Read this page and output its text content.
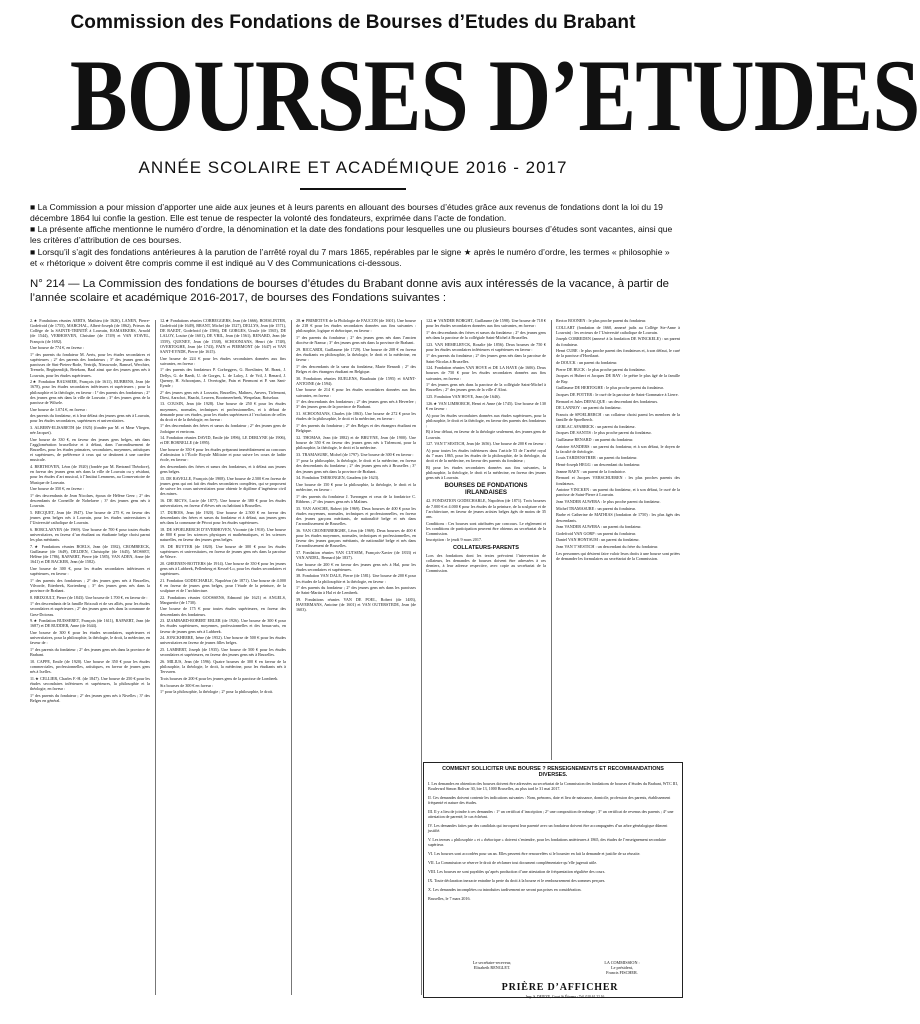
Commission des Fondations de Bourses d’Etudes du Brabant
BOURSES D’ETUDES
ANNÉE SCOLAIRE ET ACADÉMIQUE 2016 - 2017
■ La Commission a pour mission d’apporter une aide aux jeunes et à leurs parents en allouant des bourses d’études grâce aux revenus de fondations dont la loi du 19 décembre 1864 lui confie la gestion. Elle est tenue de respecter la volonté des fondateurs, exprimée dans l’acte de fondation.
■ La présente affiche mentionne le numéro d’ordre, la dénomination et la date des fondations pour lesquelles une ou plusieurs bourses d’études sont vacantes, ainsi que les critères d’attribution de ces bourses.
■ Lorsqu’il s’agit des fondations antérieures à la parution de l’arrêté royal du 7 mars 1865, repérables par le signe ★ après le numéro d’ordre, les termes « philosophie » et « rhétorique » doivent être compris comme il est indiqué au V des Communications ci-dessous.
N° 214 — La Commission des fondations de bourses d’études du Brabant donne avis aux intéressés de la vacance, à partir de l’année scolaire et académique 2016-2017, de bourses des Fondations suivantes :

2.★ Fondations réunies AERTS, Mathieu (de 1626), LANEN, Pierre-Godefroid (de 1755), MARCHAL, Albert-Joseph (de 1862), Prieurs du Collège de la SAINTE-TRINITÉ à Louvain, RAMAEKERS, Arnold (de 1544), VERHOEVEN, Christine (de 1749) et VAN STAVEL, François (de 1692).

Une bourse de 774 €, en faveur :

1° des parents du fondateur M. Aerts, pour les études secondaires et supérieures ; 2° des parents des fondateurs ; 3° des jeunes gens des paroisses de Sint-Pieters-Rode, Vertrijk, Nieuwrode, Ramsel, Werchter, Tremelo, Begijnendijk, Betekom, Baal ainsi que des jeunes gens nés à Louvain, pour les études supérieures.

2★ Fondation BAUSSIER, François (de 1611), RUBBENS, Jean (de 1678), pour les études secondaires inférieures et supérieures ; pour la philosophie et la théologie, en faveur : 1° des parents des fondateurs ; 2° des jeunes gens nés dans la ville de Louvain ; 3° des jeunes gens de la paroisse de Wilsele.

Une bourse de 1.074 €, en faveur :

des parents du fondateur, et à leur défaut des jeunes gens nés à Louvain, pour les études secondaires, supérieures et universitaires.

3. ALBERY-ELISABETH (de 1925) (fondée par M. et Mme Vliegen, née Jacquet).

Une bourse de 330 €, en faveur des jeunes gens belges, nés dans l’agglomération bruxelloise et à défaut, dans l’arrondissement de Bruxelles, pour les études primaires, secondaires, moyennes, artistiques et supérieures, de préférence à ceux qui se destinent à une carrière musicale.

4. BERTHOVEN, Léon (de 1920) (fondée par M. Bertrand Théodore), en faveur des jeunes gens nés dans la ville de Louvain ou y résidant, pour les études d’art musical, à l’Institut Lemmens, au Conservatoire de Musique de Louvain.

Une bourse de 350 €, en faveur :

1° des descendants de Jean Nicolaes, époux de Hélène Geez ; 2° des descendants de Corneille de Nobelaere ; 3° des jeunes gens nés à Louvain.

5. BECQUET, Jean (de 1947). Une bourse de 275 €, en faveur des jeunes gens belges nés à Louvain, pour les études universitaires à l’Université catholique de Louvain.

6. BORCLAEYEN (de 1969). Une bourse de 700 € pour toutes études universitaires, en faveur d’un étudiant ou étudiante belge choisi parmi les plus méritants.

7.★ Fondations réunies BOELS, Jean (de 1582), CROMBEECK, Guillaume (de 1649), DELDEN, Christophe (de 1645), MOSSET, Hélène (de 1786), RAPAERT, Pierre (de 1585), VAN ADEN, Anne (de 1641) et DE BACKER, Jean (de 1582).

Une bourse de 300 €, pour les études secondaires inférieures et supérieures, en faveur :

1° des parents des fondateurs ; 2° des jeunes gens nés à Bruxelles, Vilvorde, Etterbeek, Kortenberg ; 3° des jeunes gens nés dans la province de Brabant.

8. BRIXOULT, Pierre (de 1843). Une bourse de 1.700 €, en faveur de :

1° des descendants de la famille Brixoult et de ses alliés, pour les études secondaires et supérieures ; 2° des jeunes gens nés dans la commune de Grez-Doiceau.

9.★ Fondation BUISSERET, François (de 1611), RAPAERT, Jean (de 1687) et DE RUDDER, Anne (de 1644).

Une bourse de 300 € pour les études secondaires, supérieures et universitaires, pour la philosophie, la théologie, le droit, la médecine, en faveur de :

1° des parents du fondateur ; 2° des jeunes gens nés dans la province de Brabant.

10. CAPPE, Emile (de 1920). Une bourse de 350 € pour les études commerciales, professionnelles, artistiques, en faveur de jeunes gens nés à Ixelles.

11.★ CELLIER, Charles F.-H. (de 1847). Une bourse de 250 € pour les études secondaires inférieures et supérieures, la philosophie et la théologie, en faveur :

1° des parents du fondateur ; 2° des jeunes gens nés à Nivelles ; 3° des Belges en général.

12.★ Fondations réunies CORBEGGERS, Jean (de 1666), BOESLINTER, Godefroid (de 1649), BRANT, Michel (de 1527), DELLYS, Jean (de 1571), DE RAEDT, Godefroid (de 1586), DE GORGES, Ursule (de 1565), DE LALOY, Louise (de 1601), DE VRIL, Jean (de 1561), RENARD, Jean (de 1559), QUENEY, Jean (de 1538), SCHOONJANS, Henri (de 1748), OVERTOGHE, Jean (de 1743), PAIN et PIERMONT (de 1647) et VAN SANT-EYNDE, Pierre (de 1615).

Une bourse de 224 € pour les études secondaires données aux fins suivantes, en faveur :

1° des parents des fondateurs P. Corbeggers, G. Boeslinter, M. Brant, J. Dellys, G. de Raedt, U. de Gorges, L. de Laloy, J. de Vril, J. Renard, J. Queney, H. Schoonjans, J. Overtoghe, Pain et Piermont et P. van Sant-Eynde ;

2° des jeunes gens nés à Louvain, Bruxelles, Malines, Anvers, Tirlemont, Diest, Aarschot, Haacht, Leuven, Boortmeerbeek, Wespelaar, Rotselaar.

13. COUSIN, Jean (de 1928). Une bourse de 250 € pour les études moyennes, normales, techniques et professionnelles, et à défaut de demande pour ces études, pour les études supérieures à l’exclusion de celles du droit et de la théologie, en faveur :

1° des descendants des frères et sœurs du fondateur ; 2° des jeunes gens de Jodoigne et environs.

14. Fondation réunies DAVID, Emile (de 1896), LE DERLYNE (de 1906), et DE BORNELLE (de 1895).

Une bourse de 350 € pour les études préparant immédiatement au concours d’admission à l’École Royale Militaire et pour suivre les cours de ladite école, en faveur :

des descendants des frères et sœurs des fondateurs, et à défaut aux jeunes gens belges.

15. DE RAVELLE, François (de 1908). Une bourse de 2.500 € en faveur de jeunes gens qui ont fait des études secondaires complètes, qui se proposent de suivre les cours universitaires pour obtenir le diplôme d’ingénieur civil des mines.

16. DE RICYS, Lucie (de 1877). Une bourse de 380 € pour les études universitaires, en faveur d’élèves nés ou habitant à Bruxelles.

17. DUBOIS, Jean (de 1920). Une bourse de 2.500 € en faveur des descendants des frères et sœurs du fondateur et à défaut, aux jeunes gens nés dans la commune de Pécrot pour les études supérieures.

18. DE SPOELBERCH D’EVERHOVEN, Vicomte (de 1910). Une bourse de 800 € pour les sciences physiques et mathématiques, et les sciences naturelles, en faveur des jeunes gens belges.

19. DE RUYTER (de 1820). Une bourse de 300 € pour les études supérieures et universitaires, en faveur de jeunes gens nés dans la paroisse de Wavre.

20. GHEENEN-BOTTERS (de 1914). Une bourse de 350 € pour les jeunes gens nés à Lubbeek, Pellenberg et Kessel-Lo, pour les études secondaires et supérieures.

21. Fondation GODECHARLE, Napoléon (de 1871). Une bourse de 4.000 € en faveur de jeunes gens belges, pour l’étude de la peinture, de la sculpture et de l’architecture.

22. Fondations réunies GOOSSENS, Edmond (de 1621) et ANGELS, Marguerite (de 1730).

Une bourse de 175 € pour toutes études supérieures, en faveur des descendants des fondateurs.

23. IZAMBARD-ROBERT ERLER (de 1926). Une bourse de 300 € pour les études supérieures, moyennes, professionnelles et des beaux-arts, en faveur de jeunes gens nés à Lubbeek.

24. JONCKHEERE, Irène (de 1952). Une bourse de 500 € pour les études universitaires en faveur de jeunes filles belges.

25. LAMBERT, Joseph (de 1935). Une bourse de 500 € pour les études secondaires et supérieures, en faveur des jeunes gens nés à Bruxelles.

26. MILIUS, Jean (de 1596). Quatre bourses de 300 € en faveur de la philosophie, la théologie, le droit, la médecine, pour les étudiants nés à Tervuren.

Trois bourses de 200 € pour les jeunes gens de la paroisse de Lombeek.

Six bourses de 300 € en faveur :

1° pour la philosophie, la théologie ; 2° pour la philosophie, le droit.

28.★ PRIMETIVE de la Philologie de FAUCON (de 1601). Une bourse de 218 € pour les études secondaires données aux fins suivantes : philosophie, logique et rhétorique, en faveur :

1° des parents du fondateur ; 2° des jeunes gens nés dans l’ancien diocèse de Namur ; 3° des jeunes gens nés dans la province de Brabant.

29. RICCARDI, Guillaume (de 1729). Une bourse de 208 € en faveur des étudiants en philosophie, la théologie, le droit et la médecine, en faveur :

1° des descendants de la sœur du fondateur, Marie Renardi ; 2° des Belges et des étrangers étudiant en Belgique.

30. Fondations réunies RUELENS, Baudouin (de 1595) et SAINT-ANTOINE (de 1594).

Une bourse de 214 € pour les études secondaires données aux fins suivantes, en faveur :

1° des descendants des fondateurs ; 2° des jeunes gens nés à Heverlee ; 3° des jeunes gens de la province de Brabant.

31. SCHOONJANS, Charles (de 1863). Une bourse de 272 € pour les études de la philosophie, le droit et la médecine, en faveur :

1° des parents du fondateur ; 2° des Belges et des étrangers étudiant en Belgique.

32. THOMAS, Jean (de 1882) et de BRUYNE, Jean (de 1900). Une bourse de 350 € en faveur des jeunes gens nés à Tirlemont, pour la philosophie, la théologie, le droit et la médecine.

33. TRAMASURE, Michel (de 1797). Une bourse de 300 € en faveur :

1° pour la philosophie, la théologie, le droit et la médecine, en faveur des descendants du fondateur ; 2° des jeunes gens nés à Bruxelles ; 3° des jeunes gens nés dans la province de Brabant.

34. Fondation TSERONGEN, Gaudens (de 1623).

Une bourse de 150 € pour la philosophie, la théologie, le droit et la médecine, en faveur :

1° des parents du fondateur J. Tserongen et ceux de la fondatrice C. Ribbens ; 2° des jeunes gens nés à Malines.

35. VAN ASSCHE, Robert (de 1969). Deux bourses de 400 € pour les études moyennes, normales, techniques et professionnelles, en faveur des jeunes garçons méritants, de nationalité belge et nés dans l’arrondissement de Bruxelles.

36. VAN CRONENBERGHE, Léon (de 1969). Deux bourses de 400 € pour les études moyennes, normales, techniques et professionnelles, en faveur des jeunes garçons méritants, de nationalité belge et nés dans l’arrondissement de Bruxelles.

37. Fondation réunies VAN CUTSEM, François-Xavier (de 1833) et VAN ANDEL, Bernard (de 1837).

Une bourse de 200 € en faveur des jeunes gens nés à Hal, pour les études secondaires et supérieures.

38. Fondation VAN DALE, Pierre (de 1581). Une bourse de 200 € pour les études de la philosophie et la théologie, en faveur :

1° des parents du fondateur ; 2° des jeunes gens nés dans les paroisses de Saint-Martin à Hal et de Lembeek.

39. Fondations réunies VAN DE POEL, Robert (de 1483), HAVERMANS, Antoine (de 1601) et VAN OUTERSTEDE, Jean (de 1603).

122.★ VANDER BORGHT, Guillaume (de 1598). Une bourse de 718 € pour les études secondaires données aux fins suivantes, en faveur :

1° des descendants des frères et sœurs du fondateur ; 2° des jeunes gens nés dans la paroisse de la collégiale Saint-Michel à Bruxelles.

123. VAN HEMELRYCK, Rosalie (de 1856). Deux bourses de 750 € pour les études secondaires inférieures et supérieures en faveur :

1° des parents du fondateur ; 2° des jeunes gens nés dans la paroisse de Saint-Nicolas à Bruxelles.

124. Fondation réunies VAN HOVE et DE LA HAYE (de 1606). Deux bourses de 750 € pour les études secondaires données aux fins suivantes, en faveur :

1° des jeunes gens nés dans la paroisse de la collégiale Saint-Michel à Bruxelles ; 2° des jeunes gens de la ville d’Alost.

125. Fondation VAN HOVE, Jean (de 1646).

126.★ VAN LIMBORCH, Henri et Anne (de 1745). Une bourse de 130 € en faveur :

A) pour les études secondaires données aux études supérieures, pour la philosophie, le droit et la théologie, en faveur des parents des fondateurs ;

B) à leur défaut, en faveur de la théologie seulement, des jeunes gens de Louvain.

127. VAN T’SESTICH, Jean (de 1656). Une bourse de 200 € en faveur :

A) pour toutes les études inférieures dans l’article 53 de l’arrêté royal du 7 mars 1865, pour les études de la philosophie, de la théologie, du droit et de la médecine, en faveur des parents du fondateur ;

B) pour les études secondaires données aux fins suivantes, la philosophie, la théologie, le droit et la médecine, en faveur des jeunes gens nés à Louvain.

BOURSES DE FONDATIONS IRLANDAISES

42. FONDATION GODECHARLE, Napoléon (de 1871). Trois bourses de 7.000 € et 4.000 € pour les études de la peinture, de la sculpture et de l’architecture, en faveur de jeunes artistes belges âgés de moins de 35 ans.

Conditions : Ces bourses sont attribuées par concours. Le règlement et les conditions de participation peuvent être obtenus au secrétariat de la Commission.

Inscription : le jeudi 9 mars 2017.

COLLATEURS-PARENTS

Lors des fondations dont les textes prévoient l’intervention de collateurs, les demandes de bourses doivent être adressées à ces derniers, à leur adresse respective, avec copie au secrétariat de la Commission.

Rector BOONEN : le plus proche parent du fondateur.

COLLART (fondation de 1660, annexé jadis au Collège Ste-Anne à Louvain) : les recteurs de l’Université catholique de Louvain.

Joseph CORREDEN (annexé à la fondation DE WINCKELE) : un parent du fondateur.

Henri CUBE : le plus proche parent des fondateurs et, à son défaut, le curé de la paroisse d’Hoeilaart.

de DOUCK : un parent du fondateur.

Pierre DE BUCK : le plus proche parent du fondateur.

Jacques et Hubert et Jacques DE BAY : le prêtre le plus âgé de la famille de Bay.

Guillaume DE HERTOGHE : le plus proche parent du fondateur.

Jacques DE POTTER : le curé de la paroisse de Saint-Gommaire à Lierre.

Bernard et Jules DEFALQUE : un descendant des fondateurs.

DE LANNOY : un parent du fondateur.

Francis de SPOELBERCH : un collateur choisi parmi les membres de la famille de Spoelberch.

GERLAC AFABRICK : un parent du fondateur.

Jacques DE SANTIS : le plus proche parent du fondateur.

Guillaume RENARD : un parent du fondateur.

Antoine SANDERS : un parent du fondateur, et à son défaut, le doyen de la faculté de théologie.

Louis TARDENSTRER : un parent du fondateur.

Henri-Joseph HEGG : un descendant du fondateur.

Jeanne RAEY : un parent de la fondatrice.

Bernard et Jacques VERSCHUEREN : les plus proches parents des fondateurs.

Antoine VINCKEN : un parent du fondateur, et à son défaut, le curé de la paroisse de Saint-Pierre à Louvain.

Jean VANDER AUWERA : le plus proche parent du fondateur.

Michel TRAMASURE : un parent du fondateur.

Barbe et Catherine de MATHIAS (fondation de 1750) : les plus âgés des descendants.

Jean VANDER AUWERA : un parent du fondateur.

Godefroid VAN GORP : un parent du fondateur.

Daniel VAN HONTSUM : un parent du fondateur.

Jean VAN T’SESTICH : un descendant du frère du fondateur.

Les personnes qui désirent faire valoir leurs droits à une bourse sont priées de demander les formulaires au secrétariat de la Commission.

COMMENT SOLLICITER UNE BOURSE ? RENSEIGNEMENTS ET RECOMMANDATIONS DIVERSES.

I. Les demandes en obtention des bourses doivent être adressées au secrétariat de la Commission des fondations de bourses d’études du Brabant, WTC III, Boulevard Simon Bolivar 30, bte 13, 1000 Bruxelles, au plus tard le 31 mai 2017.

II. Ces demandes doivent contenir les indications suivantes : Nom, prénoms, date et lieu de naissance, domicile, profession des parents, établissement fréquenté et nature des études.

III. Il y a lieu de joindre à ces demandes : 1° un certificat d’inscription ; 2° une composition de ménage ; 3° un certificat de revenus des parents ; 4° une attestation de parenté, le cas échéant.

IV. Les demandes faites par des candidats qui invoquent leur parenté avec un fondateur doivent être accompagnées d’un arbre généalogique dûment justifié.

V. Les termes « philosophie » et « rhétorique » doivent s’entendre, pour les fondations antérieures à 1865, des études de l’enseignement secondaire supérieur.

VI. Les bourses sont accordées pour un an. Elles peuvent être renouvelées si le boursier en fait la demande et justifie de sa réussite.

VII. La Commission se réserve le droit de réclamer tout document complémentaire qu’elle jugerait utile.

VIII. Les bourses ne sont payables qu’après production d’une attestation de fréquentation régulière des cours.

IX. Toute déclaration inexacte entraîne la perte du droit à la bourse et le remboursement des sommes perçues.

X. Les demandes incomplètes ou introduites tardivement ne seront pas prises en considération.

Bruxelles, le 7 mars 2016.
Le secrétaire-receveur,
Elisabeth RENGLET.
LA COMMISSION :
Le président,
Francis FISCHER.
PRIÈRE D’AFFICHER
Imp. S. DEJEYE, Court St Étienne - Tél. 010 61 22 16
